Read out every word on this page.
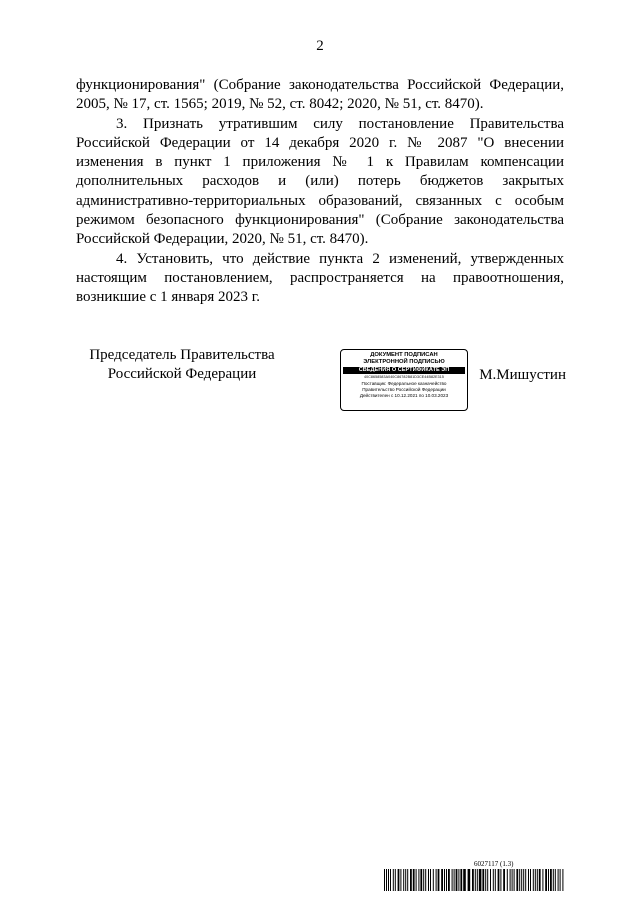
2

функционирования" (Собрание законодательства Российской Федерации, 2005, № 17, ст. 1565; 2019, № 52, ст. 8042; 2020, № 51, ст. 8470).

3. Признать утратившим силу постановление Правительства Российской Федерации от 14 декабря 2020 г. № 2087 "О внесении изменения в пункт 1 приложения № 1 к Правилам компенсации дополнительных расходов и (или) потерь бюджетов закрытых административно-территориальных образований, связанных с особым режимом безопасного функционирования" (Собрание законодательства Российской Федерации, 2020, № 51, ст. 8470).

4. Установить, что действие пункта 2 изменений, утвержденных настоящим постановлением, распространяется на правоотношения, возникшие с 1 января 2023 г.

Председатель Правительства
Российской Федерации
ДОКУМЕНТ ПОДПИСАН
ЭЛЕКТРОННОЙ ПОДПИСЬЮ
СВЕДЕНИЯ О СЕРТИФИКАТЕ ЭП
40C8658583A040C86782B81D3CE44B82E315
Поставщик: Федеральное казначейство
Правительство Российской Федерации
Действителен с 10.12.2021 по 10.03.2023
М.Мишустин
6027117 (1.3)
